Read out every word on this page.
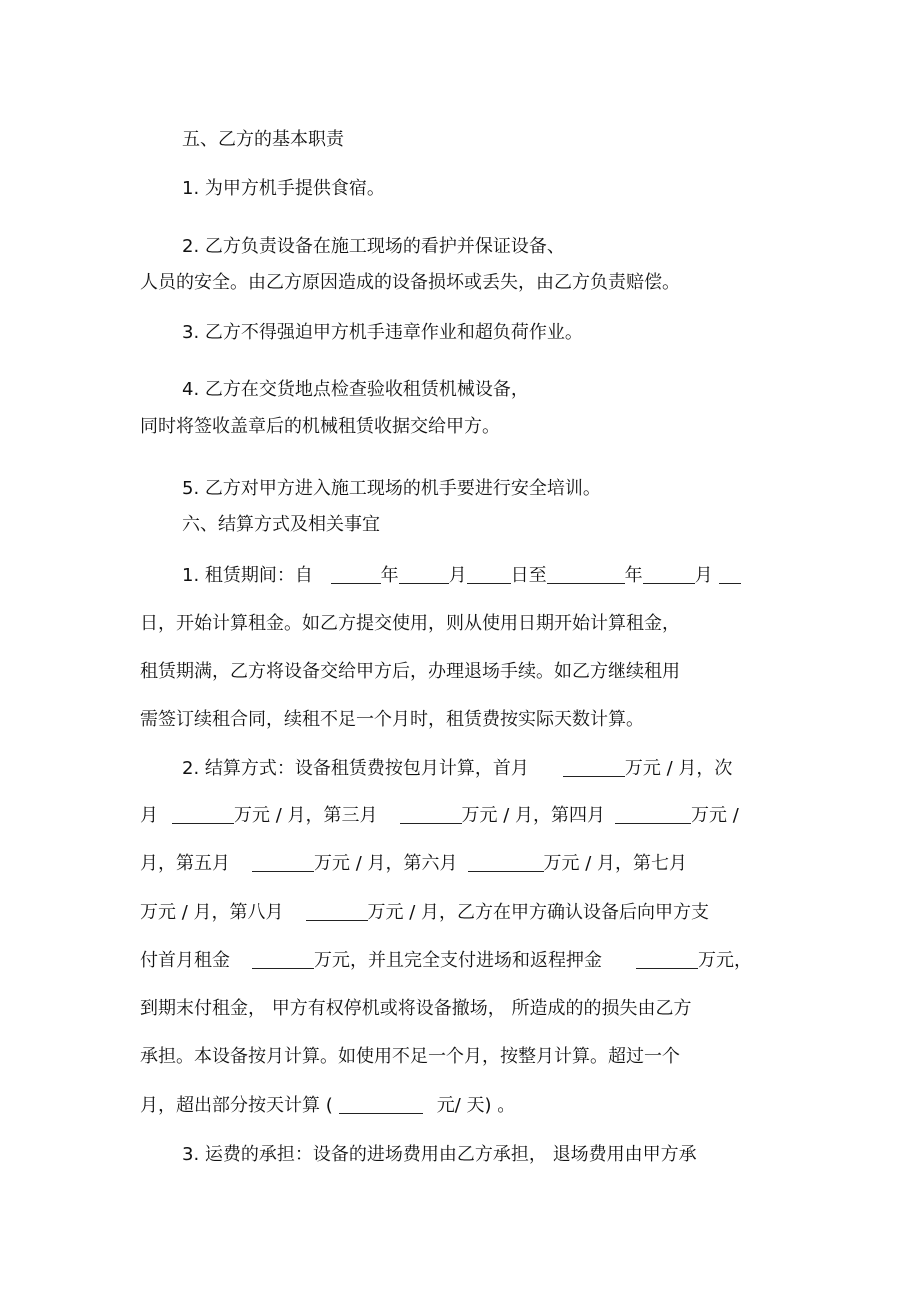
五、乙方的基本职责

1. 为甲方机手提供食宿。

2. 乙方负责设备在施工现场的看护并保证设备、

人员的安全。由乙方原因造成的设备损坏或丢失，由乙方负责赔偿。

3. 乙方不得强迫甲方机手违章作业和超负荷作业。

4. 乙方在交货地点检查验收租赁机械设备，

同时将签收盖章后的机械租赁收据交给甲方。

5. 乙方对甲方进入施工现场的机手要进行安全培训。

六、结算方式及相关事宜

1. 租赁期间：自	年	月 日至	年	月

日，开始计算租金。如乙方提交使用，则从使用日期开始计算租金，

租赁期满，乙方将设备交给甲方后，办理退场手续。如乙方继续租用

需签订续租合同，续租不足一个月时，租赁费按实际天数计算。

2. 结算方式：设备租赁费按包月计算，首月	万元 / 月，次

月	万元 / 月，第三月	万元 / 月，第四月	万元 /

月，第五月	万元 / 月，第六月	万元 / 月，第七月

万元 / 月，第八月	万元 / 月，乙方在甲方确认设备后向甲方支

付首月租金	万元，并且完全支付进场和返程押金	万元，

到期末付租金， 甲方有权停机或将设备撤场， 所造成的的损失由乙方

承担。本设备按月计算。如使用不足一个月，按整月计算。超过一个

月，超出部分按天计算 (	元/ 天) 。

3. 运费的承担：设备的进场费用由乙方承担， 退场费用由甲方承
